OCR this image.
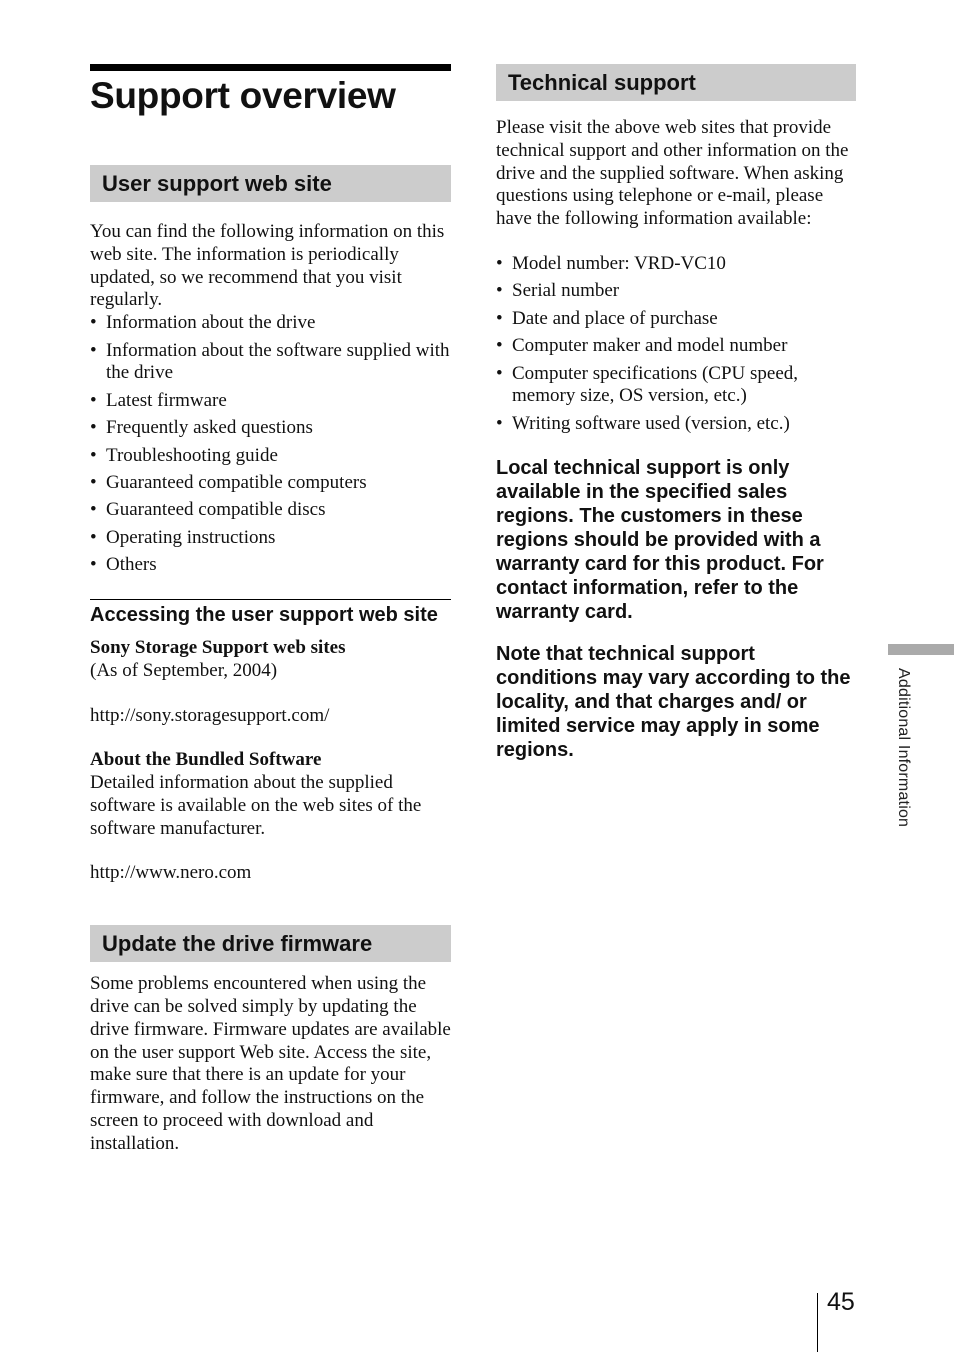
Support overview
User support web site

You can find the following information on this web site. The information is periodically updated, so we recommend that you visit regularly.

• Information about the drive
• Information about the software supplied with the drive
• Latest firmware
• Frequently asked questions
• Troubleshooting guide
• Guaranteed compatible computers
• Guaranteed compatible discs
• Operating instructions
• Others
Accessing the user support web site
Sony Storage Support web sites

(As of September, 2004)

http://sony.storagesupport.com/

About the Bundled Software

Detailed information about the supplied software is available on the web sites of the software manufacturer.

http://www.nero.com

Update the drive firmware

Some problems encountered when using the drive can be solved simply by updating the drive firmware. Firmware updates are available on the user support Web site. Access the site, make sure that there is an update for your firmware, and follow the instructions on the screen to proceed with download and installation.

Technical support

Please visit the above web sites that provide technical support and other information on the drive and the supplied software. When asking questions using telephone or e-mail, please have the following information available:

• Model number: VRD-VC10
• Serial number
• Date and place of purchase
• Computer maker and model number
• Computer specifications (CPU speed, memory size, OS version, etc.)
• Writing software used (version, etc.)
Local technical support is only available in the specified sales regions. The customers in these regions should be provided with a warranty card for this product. For contact information, refer to the warranty card.
Note that technical support conditions may vary according to the locality, and that charges and/ or limited service may apply in some regions.	Additional Information
45
